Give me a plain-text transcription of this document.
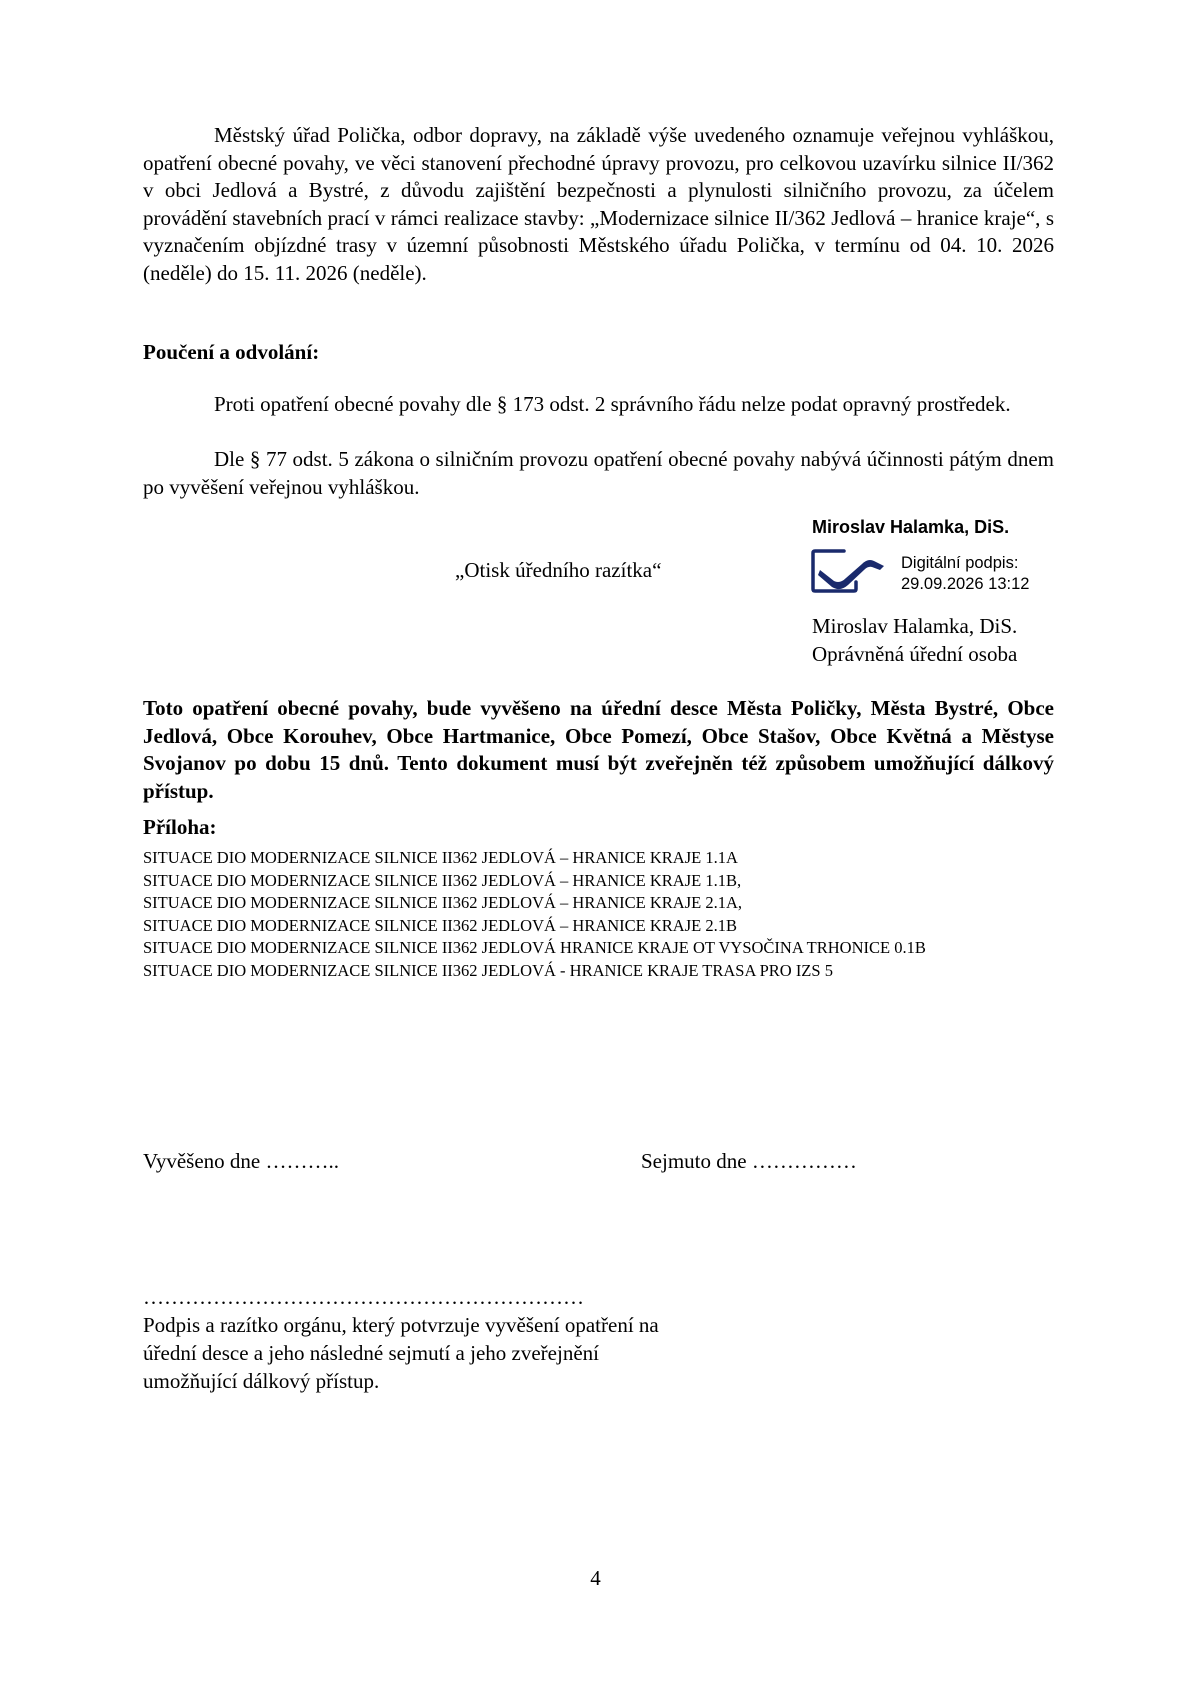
Městský úřad Polička, odbor dopravy, na základě výše uvedeného oznamuje veřejnou vyhláškou, opatření obecné povahy, ve věci stanovení přechodné úpravy provozu, pro celkovou uzavírku silnice II/362 v obci Jedlová a Bystré, z důvodu zajištění bezpečnosti a plynulosti silničního provozu, za účelem provádění stavebních prací v rámci realizace stavby: „Modernizace silnice II/362 Jedlová – hranice kraje“, s vyznačením objízdné trasy v územní působnosti Městského úřadu Polička, v termínu od 04. 10. 2026 (neděle) do 15. 11. 2026 (neděle).
Poučení a odvolání:
Proti opatření obecné povahy dle § 173 odst. 2 správního řádu nelze podat opravný prostředek.
Dle § 77 odst. 5 zákona o silničním provozu opatření obecné povahy nabývá účinnosti pátým dnem po vyvěšení veřejnou vyhláškou.
Miroslav Halamka, DiS.
Digitální podpis:
29.09.2026 13:12
„Otisk úředního razítka“
Miroslav Halamka, DiS.
Oprávněná úřední osoba
Toto opatření obecné povahy, bude vyvěšeno na úřední desce Města Poličky, Města Bystré, Obce Jedlová, Obce Korouhev, Obce Hartmanice, Obce Pomezí, Obce Stašov, Obce Květná a Městyse Svojanov po dobu 15 dnů. Tento dokument musí být zveřejněn též způsobem umožňující dálkový přístup.
Příloha:
SITUACE DIO MODERNIZACE SILNICE II362 JEDLOVÁ – HRANICE KRAJE 1.1A
SITUACE DIO MODERNIZACE SILNICE II362 JEDLOVÁ – HRANICE KRAJE 1.1B,
SITUACE DIO MODERNIZACE SILNICE II362 JEDLOVÁ – HRANICE KRAJE 2.1A,
SITUACE DIO MODERNIZACE SILNICE II362 JEDLOVÁ – HRANICE KRAJE 2.1B
SITUACE DIO MODERNIZACE SILNICE II362 JEDLOVÁ HRANICE KRAJE OT VYSOČINA TRHONICE 0.1B
SITUACE DIO MODERNIZACE SILNICE II362 JEDLOVÁ - HRANICE KRAJE TRASA PRO IZS 5
Vyvěšeno dne ………..	Sejmuto dne ……………
………………………………………………………
Podpis a razítko orgánu, který potvrzuje vyvěšení opatření na úřední desce a jeho následné sejmutí a jeho zveřejnění umožňující dálkový přístup.
4
